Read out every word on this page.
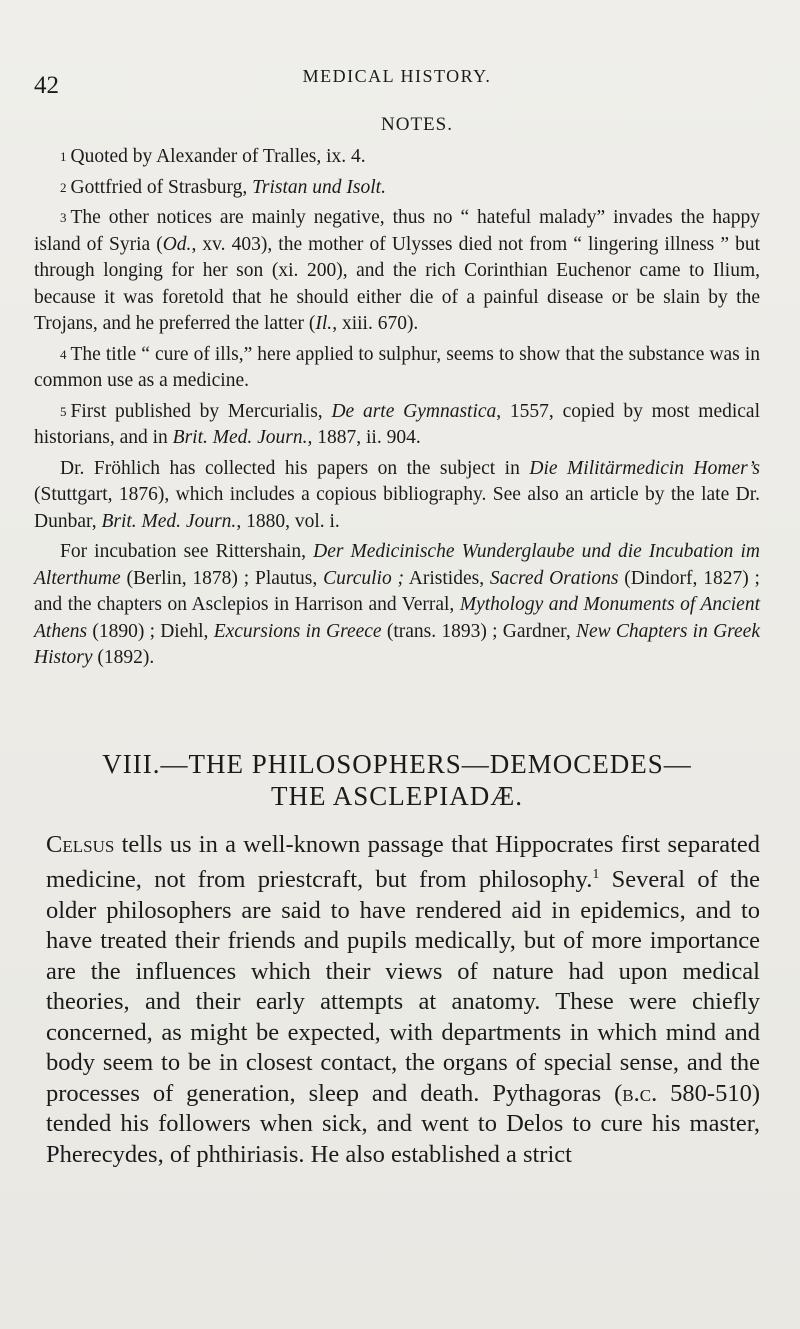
42	MEDICAL HISTORY.
NOTES.

1 Quoted by Alexander of Tralles, ix. 4.

2 Gottfried of Strasburg, Tristan und Isolt.

3 The other notices are mainly negative, thus no “ hateful malady” invades the happy island of Syria (Od., xv. 403), the mother of Ulysses died not from “ lingering illness ” but through longing for her son (xi. 200), and the rich Corinthian Euchenor came to Ilium, because it was foretold that he should either die of a painful disease or be slain by the Trojans, and he preferred the latter (Il., xiii. 670).

4 The title “ cure of ills,” here applied to sulphur, seems to show that the substance was in common use as a medicine.

5 First published by Mercurialis, De arte Gymnastica, 1557, copied by most medical historians, and in Brit. Med. Journ., 1887, ii. 904.

Dr. Fröhlich has collected his papers on the subject in Die Militärmedicin Homer’s (Stuttgart, 1876), which includes a copious bibliography. See also an article by the late Dr. Dunbar, Brit. Med. Journ., 1880, vol. i.

For incubation see Rittershain, Der Medicinische Wunderglaube und die Incubation im Alterthume (Berlin, 1878) ; Plautus, Curculio ; Aristides, Sacred Orations (Dindorf, 1827) ; and the chapters on Asclepios in Harrison and Verral, Mythology and Monuments of Ancient Athens (1890) ; Diehl, Excursions in Greece (trans. 1893) ; Gardner, New Chapters in Greek History (1892).

VIII.—THE PHILOSOPHERS—DEMOCEDES—
THE ASCLEPIADÆ.

Celsus tells us in a well-known passage that Hippocrates first separated medicine, not from priestcraft, but from philosophy.$^1$ Several of the older philosophers are said to have rendered aid in epidemics, and to have treated their friends and pupils medically, but of more importance are the influences which their views of nature had upon medical theories, and their early attempts at anatomy. These were chiefly concerned, as might be expected, with departments in which mind and body seem to be in closest contact, the organs of special sense, and the processes of generation, sleep and death. Pythagoras (b.c. 580-510) tended his followers when sick, and went to Delos to cure his master, Pherecydes, of phthiriasis. He also established a strict
